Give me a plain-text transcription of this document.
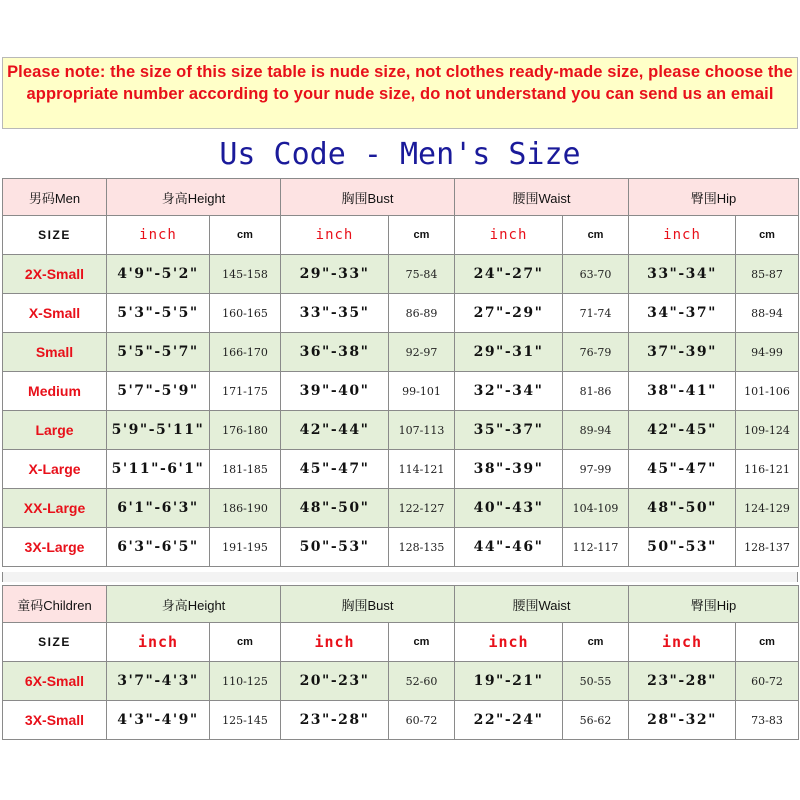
Please note: the size of this size table is nude size, not clothes ready-made size, please choose the appropriate number according to your nude size, do not understand you can send us an email
Us Code - Men's Size
男码Men	身高Height		胸围Bust		腰围Waist		臀围Hip	
SIZE	inch	cm	inch	cm	inch	cm	inch	cm
2X-Small	4'9"-5'2"	145-158	29"-33"	75-84	24"-27"	63-70	33"-34"	85-87
X-Small	5'3"-5'5"	160-165	33"-35"	86-89	27"-29"	71-74	34"-37"	88-94
Small	5'5"-5'7"	166-170	36"-38"	92-97	29"-31"	76-79	37"-39"	94-99
Medium	5'7"-5'9"	171-175	39"-40"	99-101	32"-34"	81-86	38"-41"	101-106
Large	5'9"-5'11"	176-180	42"-44"	107-113	35"-37"	89-94	42"-45"	109-124
X-Large	5'11"-6'1"	181-185	45"-47"	114-121	38"-39"	97-99	45"-47"	116-121
XX-Large	6'1"-6'3"	186-190	48"-50"	122-127	40"-43"	104-109	48"-50"	124-129
3X-Large	6'3"-6'5"	191-195	50"-53"	128-135	44"-46"	112-117	50"-53"	128-137
童码Children	身高Height		胸围Bust		腰围Waist		臀围Hip	
SIZE	inch	cm	inch	cm	inch	cm	inch	cm
6X-Small	3'7"-4'3"	110-125	20"-23"	52-60	19"-21"	50-55	23"-28"	60-72
3X-Small	4'3"-4'9"	125-145	23"-28"	60-72	22"-24"	56-62	28"-32"	73-83
